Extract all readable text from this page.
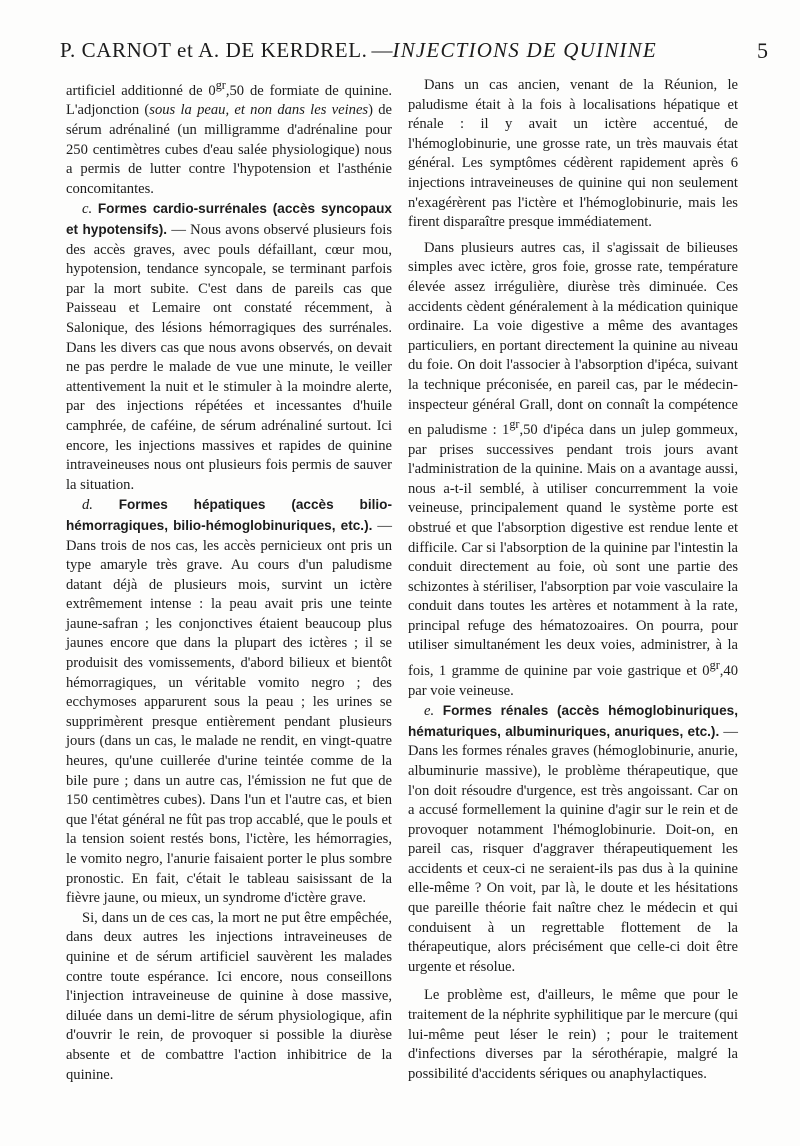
P. CARNOT et A. DE KERDREL. —INJECTIONS DE QUININE	5

artificiel additionné de $0^{gr},50$ de formiate de quinine. L'adjonction (sous la peau, et non dans les veines) de sérum adrénaliné (un milligramme d'adrénaline pour 250 centimètres cubes d'eau salée physiologique) nous a permis de lutter contre l'hypotension et l'asthénie concomitantes.

c. Formes cardio-surrénales (accès syncopaux et hypotensifs). — Nous avons observé plusieurs fois des accès graves, avec pouls défaillant, cœur mou, hypotension, tendance syncopale, se terminant parfois par la mort subite. C'est dans de pareils cas que Paisseau et Lemaire ont constaté récemment, à Salonique, des lésions hémorragiques des surrénales. Dans les divers cas que nous avons observés, on devait ne pas perdre le malade de vue une minute, le veiller attentivement la nuit et le stimuler à la moindre alerte, par des injections répétées et incessantes d'huile camphrée, de caféine, de sérum adrénaliné surtout. Ici encore, les injections massives et rapides de quinine intraveineuses nous ont plusieurs fois permis de sauver la situation.

d. Formes hépatiques (accès bilio-hémorragiques, bilio-hémoglobinuriques, etc.). — Dans trois de nos cas, les accès pernicieux ont pris un type amaryle très grave. Au cours d'un paludisme datant déjà de plusieurs mois, survint un ictère extrêmement intense : la peau avait pris une teinte jaune-safran ; les conjonctives étaient beaucoup plus jaunes encore que dans la plupart des ictères ; il se produisit des vomissements, d'abord bilieux et bientôt hémorragiques, un véritable vomito negro ; des ecchymoses apparurent sous la peau ; les urines se supprimèrent presque entièrement pendant plusieurs jours (dans un cas, le malade ne rendit, en vingt-quatre heures, qu'une cuillerée d'urine teintée comme de la bile pure ; dans un autre cas, l'émission ne fut que de 150 centimètres cubes). Dans l'un et l'autre cas, et bien que l'état général ne fût pas trop accablé, que le pouls et la tension soient restés bons, l'ictère, les hémorragies, le vomito negro, l'anurie faisaient porter le plus sombre pronostic. En fait, c'était le tableau saisissant de la fièvre jaune, ou mieux, un syndrome d'ictère grave.

Si, dans un de ces cas, la mort ne put être empêchée, dans deux autres les injections intraveineuses de quinine et de sérum artificiel sauvèrent les malades contre toute espérance. Ici encore, nous conseillons l'injection intraveineuse de quinine à dose massive, diluée dans un demi-litre de sérum physiologique, afin d'ouvrir le rein, de provoquer si possible la diurèse absente et de combattre l'action inhibitrice de la quinine.

Dans un cas ancien, venant de la Réunion, le paludisme était à la fois à localisations hépatique et rénale : il y avait un ictère accentué, de l'hémoglobinurie, une grosse rate, un très mauvais état général. Les symptômes cédèrent rapidement après 6 injections intraveineuses de quinine qui non seulement n'exagérèrent pas l'ictère et l'hémoglobinurie, mais les firent disparaître presque immédiatement.

Dans plusieurs autres cas, il s'agissait de bilieuses simples avec ictère, gros foie, grosse rate, température élevée assez irrégulière, diurèse très diminuée. Ces accidents cèdent généralement à la médication quinique ordinaire. La voie digestive a même des avantages particuliers, en portant directement la quinine au niveau du foie. On doit l'associer à l'absorption d'ipéca, suivant la technique préconisée, en pareil cas, par le médecin-inspecteur général Grall, dont on connaît la compétence en paludisme : $1^{gr},50$ d'ipéca dans un julep gommeux, par prises successives pendant trois jours avant l'administration de la quinine. Mais on a avantage aussi, nous a-t-il semblé, à utiliser concurremment la voie veineuse, principalement quand le système porte est obstrué et que l'absorption digestive est rendue lente et difficile. Car si l'absorption de la quinine par l'intestin la conduit directement au foie, où sont une partie des schizontes à stériliser, l'absorption par voie vasculaire la conduit dans toutes les artères et notamment à la rate, principal refuge des hématozoaires. On pourra, pour utiliser simultanément les deux voies, administrer, à la fois, 1 gramme de quinine par voie gastrique et $0^{gr},40$ par voie veineuse.

e. Formes rénales (accès hémoglobinuriques, hématuriques, albuminuriques, anuriques, etc.). — Dans les formes rénales graves (hémoglobinurie, anurie, albuminurie massive), le problème thérapeutique, que l'on doit résoudre d'urgence, est très angoissant. Car on a accusé formellement la quinine d'agir sur le rein et de provoquer notamment l'hémoglobinurie. Doit-on, en pareil cas, risquer d'aggraver thérapeutiquement les accidents et ceux-ci ne seraient-ils pas dus à la quinine elle-même ? On voit, par là, le doute et les hésitations que pareille théorie fait naître chez le médecin et qui conduisent à un regrettable flottement de la thérapeutique, alors précisément que celle-ci doit être urgente et résolue.

Le problème est, d'ailleurs, le même que pour le traitement de la néphrite syphilitique par le mercure (qui lui-même peut léser le rein) ; pour le traitement d'infections diverses par la sérothérapie, malgré la possibilité d'accidents sériques ou anaphylactiques.
